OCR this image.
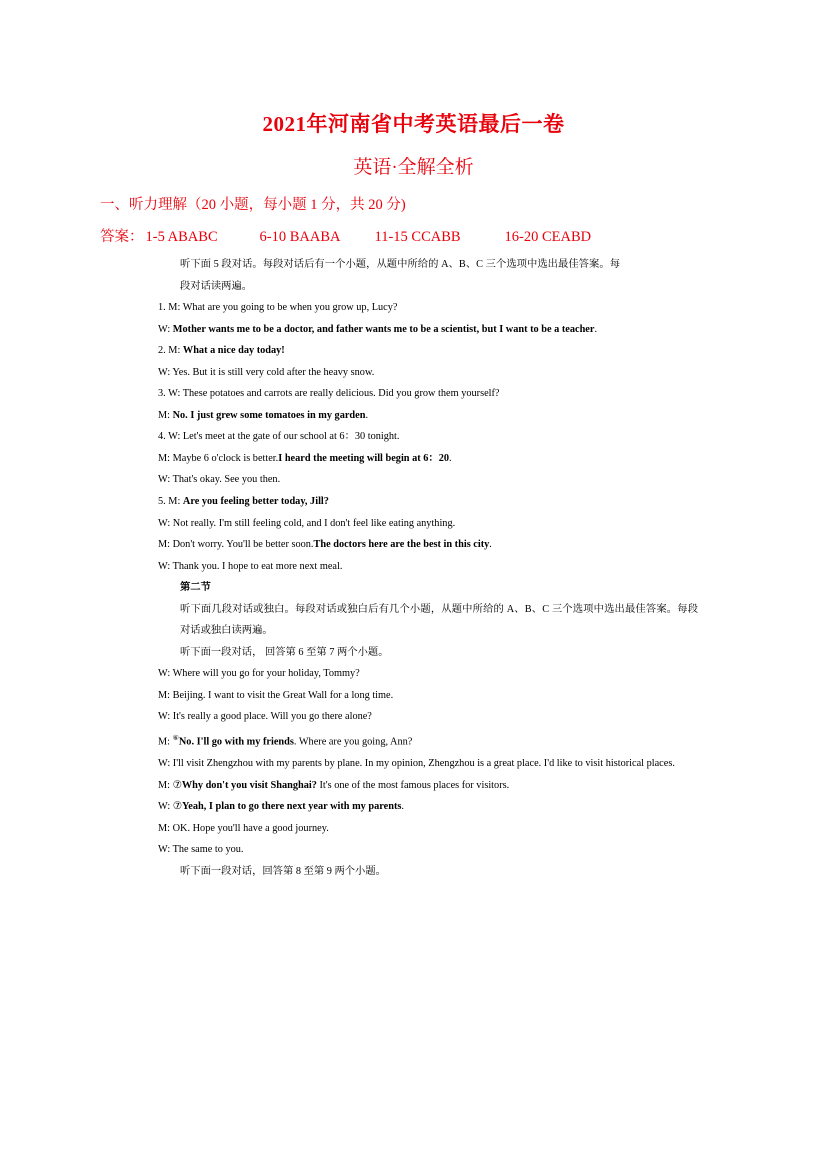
2021年河南省中考英语最后一卷
英语·全解全析
一、听力理解（20 小题，每小题 1 分，共 20 分)
答案： 1-5 ABABC	6-10 BAABA 11-15 CCABB	16-20 CEABD
听下面 5 段对话。每段对话后有一个小题，从题中所给的 A、B、C 三个选项中选出最佳答案。每段对话读两遍。
1. M: What are you going to be when you grow up, Lucy?
W: Mother wants me to be a doctor, and father wants me to be a scientist, but I want to be a teacher.
2. M: What a nice day today!
W: Yes. But it is still very cold after the heavy snow.
3. W: These potatoes and carrots are really delicious. Did you grow them yourself?
M: No. I just grew some tomatoes in my garden.
4. W: Let's meet at the gate of our school at 6：30 tonight.
M: Maybe 6 o'clock is better.I heard the meeting will begin at 6：20.
W: That's okay. See you then.
5. M: Are you feeling better today, Jill?
W: Not really. I'm still feeling cold, and I don't feel like eating anything.
M: Don't worry. You'll be better soon.The doctors here are the best in this city.
W: Thank you. I hope to eat more next meal.
第二节
听下面几段对话或独白。每段对话或独白后有几个小题，从题中所给的 A、B、C 三个选项中选出最佳答案。每段对话或独白读两遍。
听下面一段对话， 回答第 6 至第 7 两个小题。
W: Where will you go for your holiday, Tommy?
M: Beijing. I want to visit the Great Wall for a long time.
W: It's really a good place. Will you go there alone?
M: ⑥No. I'll go with my friends. Where are you going, Ann?
W: I'll visit Zhengzhou with my parents by plane. In my opinion, Zhengzhou is a great place. I'd like to visit historical places.
M: ⑦Why don't you visit Shanghai? It's one of the most famous places for visitors.
W: ⑦Yeah, I plan to go there next year with my parents.
M: OK. Hope you'll have a good journey.
W: The same to you.
听下面一段对话，回答第 8 至第 9 两个小题。
